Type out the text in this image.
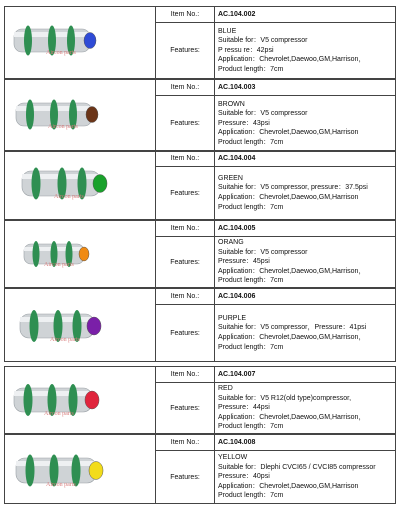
	Item No.:	AC.104.002
	Features:	BLUE
Suitable for：V5 compressor
P ressu re：42psi
Application：Chevrolet,Daewoo,GM,Harrison，
Product length：7cm
Aircon parts
	Item No.:	AC.104.003
	Features:	BROWN
Suitable for：V5 compressor
Pressure：43psi
Application：Chevrolet,Daewoo,GM,Harrison
Product length：7cm
Aircon parts
	Item No.:	AC.104.004
	Features:	GREEN
Suitahie for：V5 compressor, pressure：37.5psi
Application：Chevrolet,Daewoo,GM,Harrison
Product length：7cm
Aircon parts
	Item No.:	AC.104.005
	Features:	ORANG
Suitable for：V5 compressor
Pressure：45psi
Application：Chevrolet,Daewoo,GM,Harrison，
Product length：7cm
Aircon parts
	Item No.:	AC.104.006
	Features:	PURPLE
Suitahie for：V5 compressor，Pressure：41psi
Application：Chevrolet,Daewoo,GM,Harrison，
Product length：7cm
Aircon parts
	Item No.:	AC.104.007
	Features:	RED
Suitable for：V5 R12(old type)compressor,
Pressure：44psi
Application：Chevrolet,Daewoo,GM,Harrison，
Product length：7cm
Aircon parts
	Item No.:	AC.104.008
	Features:	YELLOW
Suitable for：Dlephi CVCI65 / CVCI85 compressor
Pressure：40psi
Application：Chevrolet,Daewoo,GM,Harrison
Product length：7cm
Aircon parts
